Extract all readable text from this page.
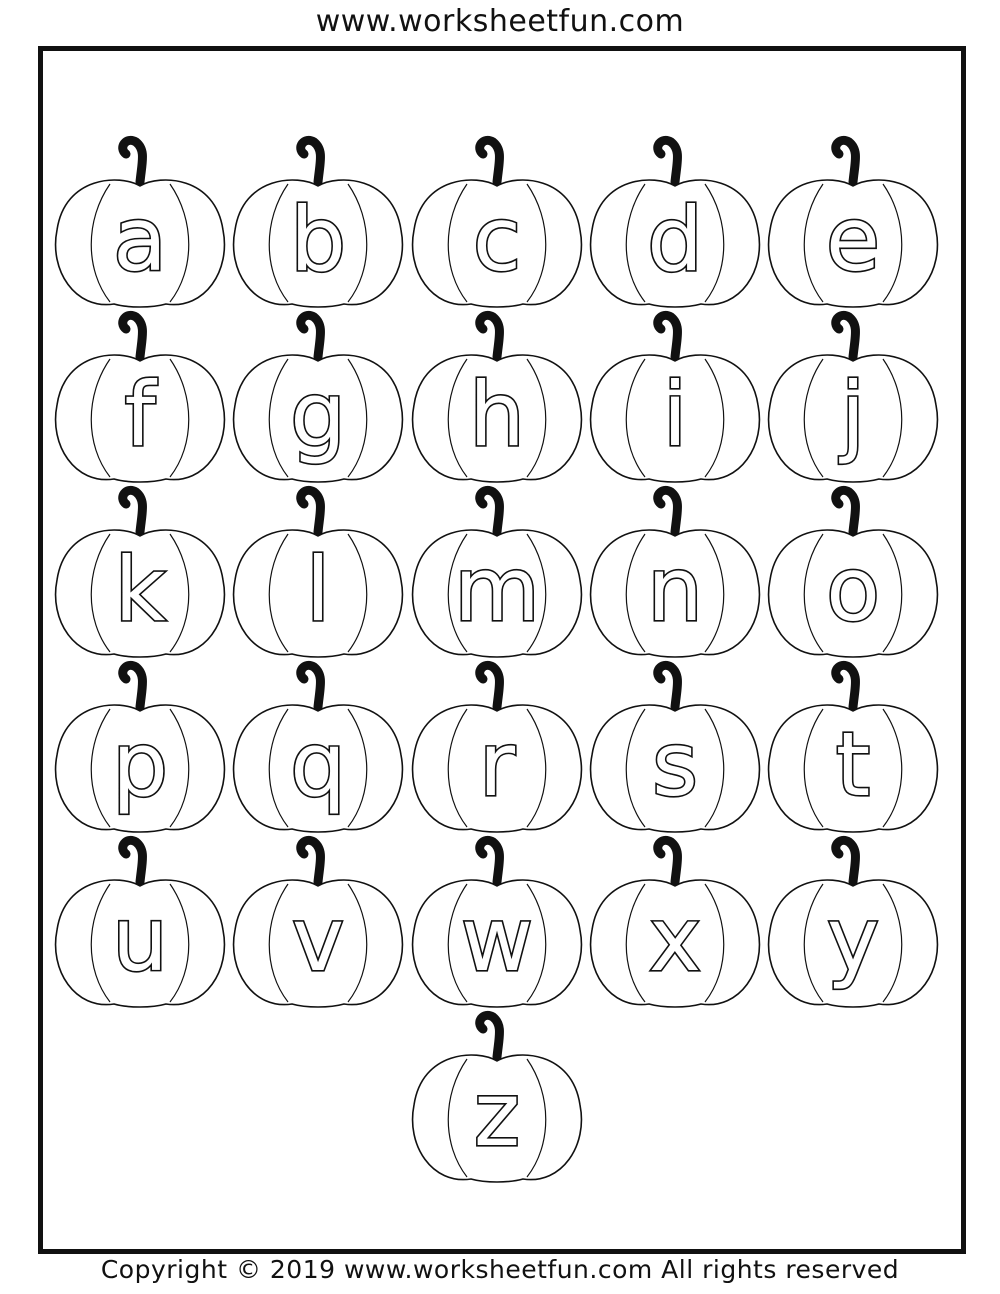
www.worksheetfun.com
a b c d e
f g h i j
k l m n o
p q r s t
u v w x y
z
Copyright © 2019 www.worksheetfun.com All rights reserved
